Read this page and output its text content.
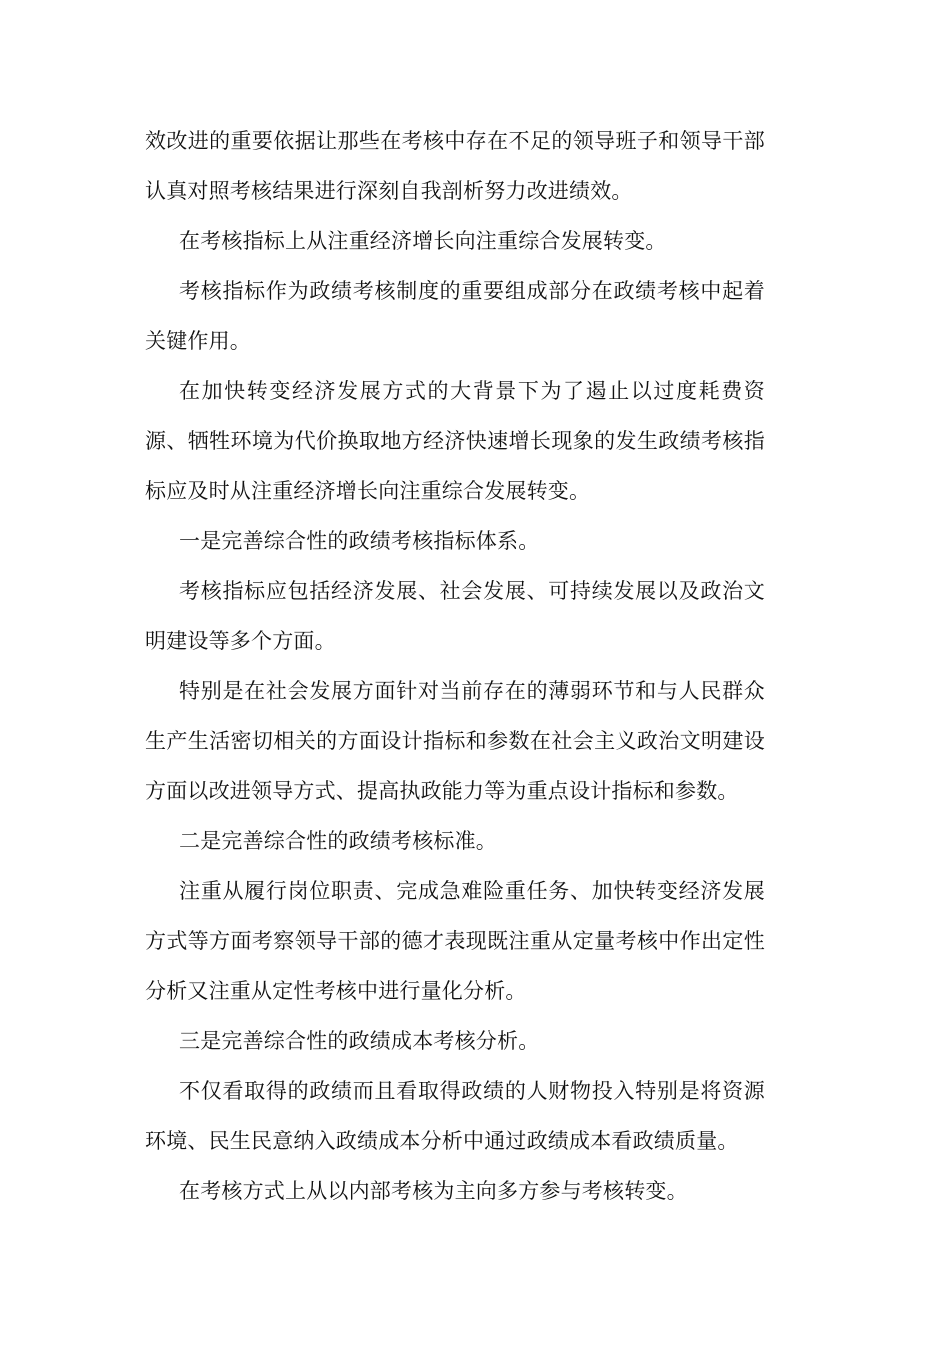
效改进的重要依据让那些在考核中存在不足的领导班子和领导干部认真对照考核结果进行深刻自我剖析努力改进绩效。

在考核指标上从注重经济增长向注重综合发展转变。

考核指标作为政绩考核制度的重要组成部分在政绩考核中起着关键作用。

在加快转变经济发展方式的大背景下为了遏止以过度耗费资源、牺牲环境为代价换取地方经济快速增长现象的发生政绩考核指标应及时从注重经济增长向注重综合发展转变。

一是完善综合性的政绩考核指标体系。

考核指标应包括经济发展、社会发展、可持续发展以及政治文明建设等多个方面。

特别是在社会发展方面针对当前存在的薄弱环节和与人民群众生产生活密切相关的方面设计指标和参数在社会主义政治文明建设方面以改进领导方式、提高执政能力等为重点设计指标和参数。

二是完善综合性的政绩考核标准。

注重从履行岗位职责、完成急难险重任务、加快转变经济发展方式等方面考察领导干部的德才表现既注重从定量考核中作出定性分析又注重从定性考核中进行量化分析。

三是完善综合性的政绩成本考核分析。

不仅看取得的政绩而且看取得政绩的人财物投入特别是将资源环境、民生民意纳入政绩成本分析中通过政绩成本看政绩质量。

在考核方式上从以内部考核为主向多方参与考核转变。
